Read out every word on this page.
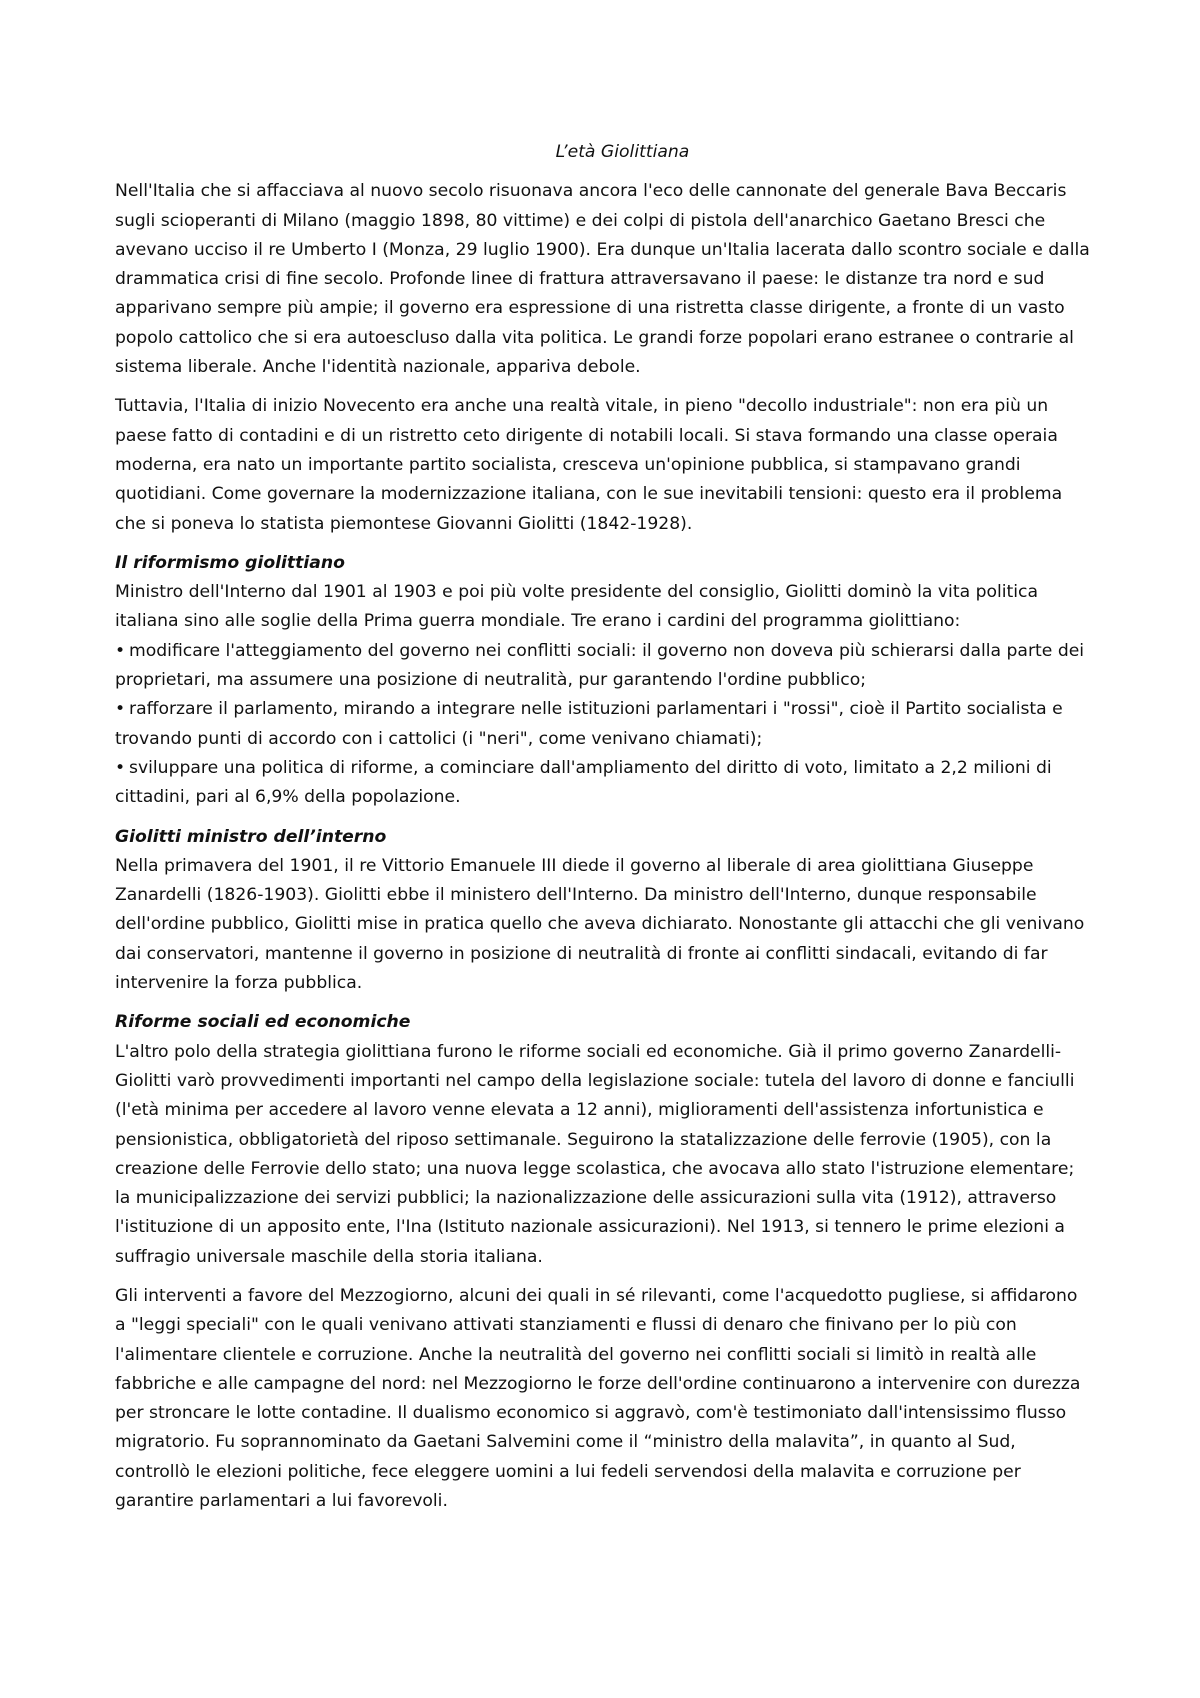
L’età Giolittiana

Nell'Italia che si affacciava al nuovo secolo risuonava ancora l'eco delle cannonate del generale Bava Beccaris sugli scioperanti di Milano (maggio 1898, 80 vittime) e dei colpi di pistola dell'anarchico Gaetano Bresci che avevano ucciso il re Umberto I (Monza, 29 luglio 1900). Era dunque un'Italia lacerata dallo scontro sociale e dalla drammatica crisi di fine secolo. Profonde linee di frattura attraversavano il paese: le distanze tra nord e sud apparivano sempre più ampie; il governo era espressione di una ristretta classe dirigente, a fronte di un vasto popolo cattolico che si era autoescluso dalla vita politica. Le grandi forze popolari erano estranee o contrarie al sistema liberale. Anche l'identità nazionale, appariva debole.

Tuttavia, l'Italia di inizio Novecento era anche una realtà vitale, in pieno "decollo industriale": non era più un paese fatto di contadini e di un ristretto ceto dirigente di notabili locali. Si stava formando una classe operaia moderna, era nato un importante partito socialista, cresceva un'opinione pubblica, si stampavano grandi quotidiani. Come governare la modernizzazione italiana, con le sue inevitabili tensioni: questo era il problema che si poneva lo statista piemontese Giovanni Giolitti (1842-1928).

Il riformismo giolittiano
Ministro dell'Interno dal 1901 al 1903 e poi più volte presidente del consiglio, Giolitti dominò la vita politica italiana sino alle soglie della Prima guerra mondiale. Tre erano i cardini del programma giolittiano:
• modificare l'atteggiamento del governo nei conflitti sociali: il governo non doveva più schierarsi dalla parte dei proprietari, ma assumere una posizione di neutralità, pur garantendo l'ordine pubblico;
• rafforzare il parlamento, mirando a integrare nelle istituzioni parlamentari i "rossi", cioè il Partito socialista e trovando punti di accordo con i cattolici (i "neri", come venivano chiamati);
• sviluppare una politica di riforme, a cominciare dall'ampliamento del diritto di voto, limitato a 2,2 milioni di cittadini, pari al 6,9% della popolazione.
Giolitti ministro dell’interno
Nella primavera del 1901, il re Vittorio Emanuele III diede il governo al liberale di area giolittiana Giuseppe Zanardelli (1826-1903). Giolitti ebbe il ministero dell'Interno. Da ministro dell'Interno, dunque responsabile dell'ordine pubblico, Giolitti mise in pratica quello che aveva dichiarato. Nonostante gli attacchi che gli venivano dai conservatori, mantenne il governo in posizione di neutralità di fronte ai conflitti sindacali, evitando di far intervenire la forza pubblica.
Riforme sociali ed economiche
L'altro polo della strategia giolittiana furono le riforme sociali ed economiche. Già il primo governo Zanardelli-Giolitti varò provvedimenti importanti nel campo della legislazione sociale: tutela del lavoro di donne e fanciulli (l'età minima per accedere al lavoro venne elevata a 12 anni), miglioramenti dell'assistenza infortunistica e pensionistica, obbligatorietà del riposo settimanale. Seguirono la statalizzazione delle ferrovie (1905), con la creazione delle Ferrovie dello stato; una nuova legge scolastica, che avocava allo stato l'istruzione elementare; la municipalizzazione dei servizi pubblici; la nazionalizzazione delle assicurazioni sulla vita (1912), attraverso l'istituzione di un apposito ente, l'Ina (Istituto nazionale assicurazioni). Nel 1913, si tennero le prime elezioni a suffragio universale maschile della storia italiana.

Gli interventi a favore del Mezzogiorno, alcuni dei quali in sé rilevanti, come l'acquedotto pugliese, si affidarono a "leggi speciali" con le quali venivano attivati stanziamenti e flussi di denaro che finivano per lo più con l'alimentare clientele e corruzione. Anche la neutralità del governo nei conflitti sociali si limitò in realtà alle fabbriche e alle campagne del nord: nel Mezzogiorno le forze dell'ordine continuarono a intervenire con durezza per stroncare le lotte contadine. Il dualismo economico si aggravò, com'è testimoniato dall'intensissimo flusso migratorio. Fu soprannominato da Gaetani Salvemini come il “ministro della malavita”, in quanto al Sud, controllò le elezioni politiche, fece eleggere uomini a lui fedeli servendosi della malavita e corruzione per garantire parlamentari a lui favorevoli.
